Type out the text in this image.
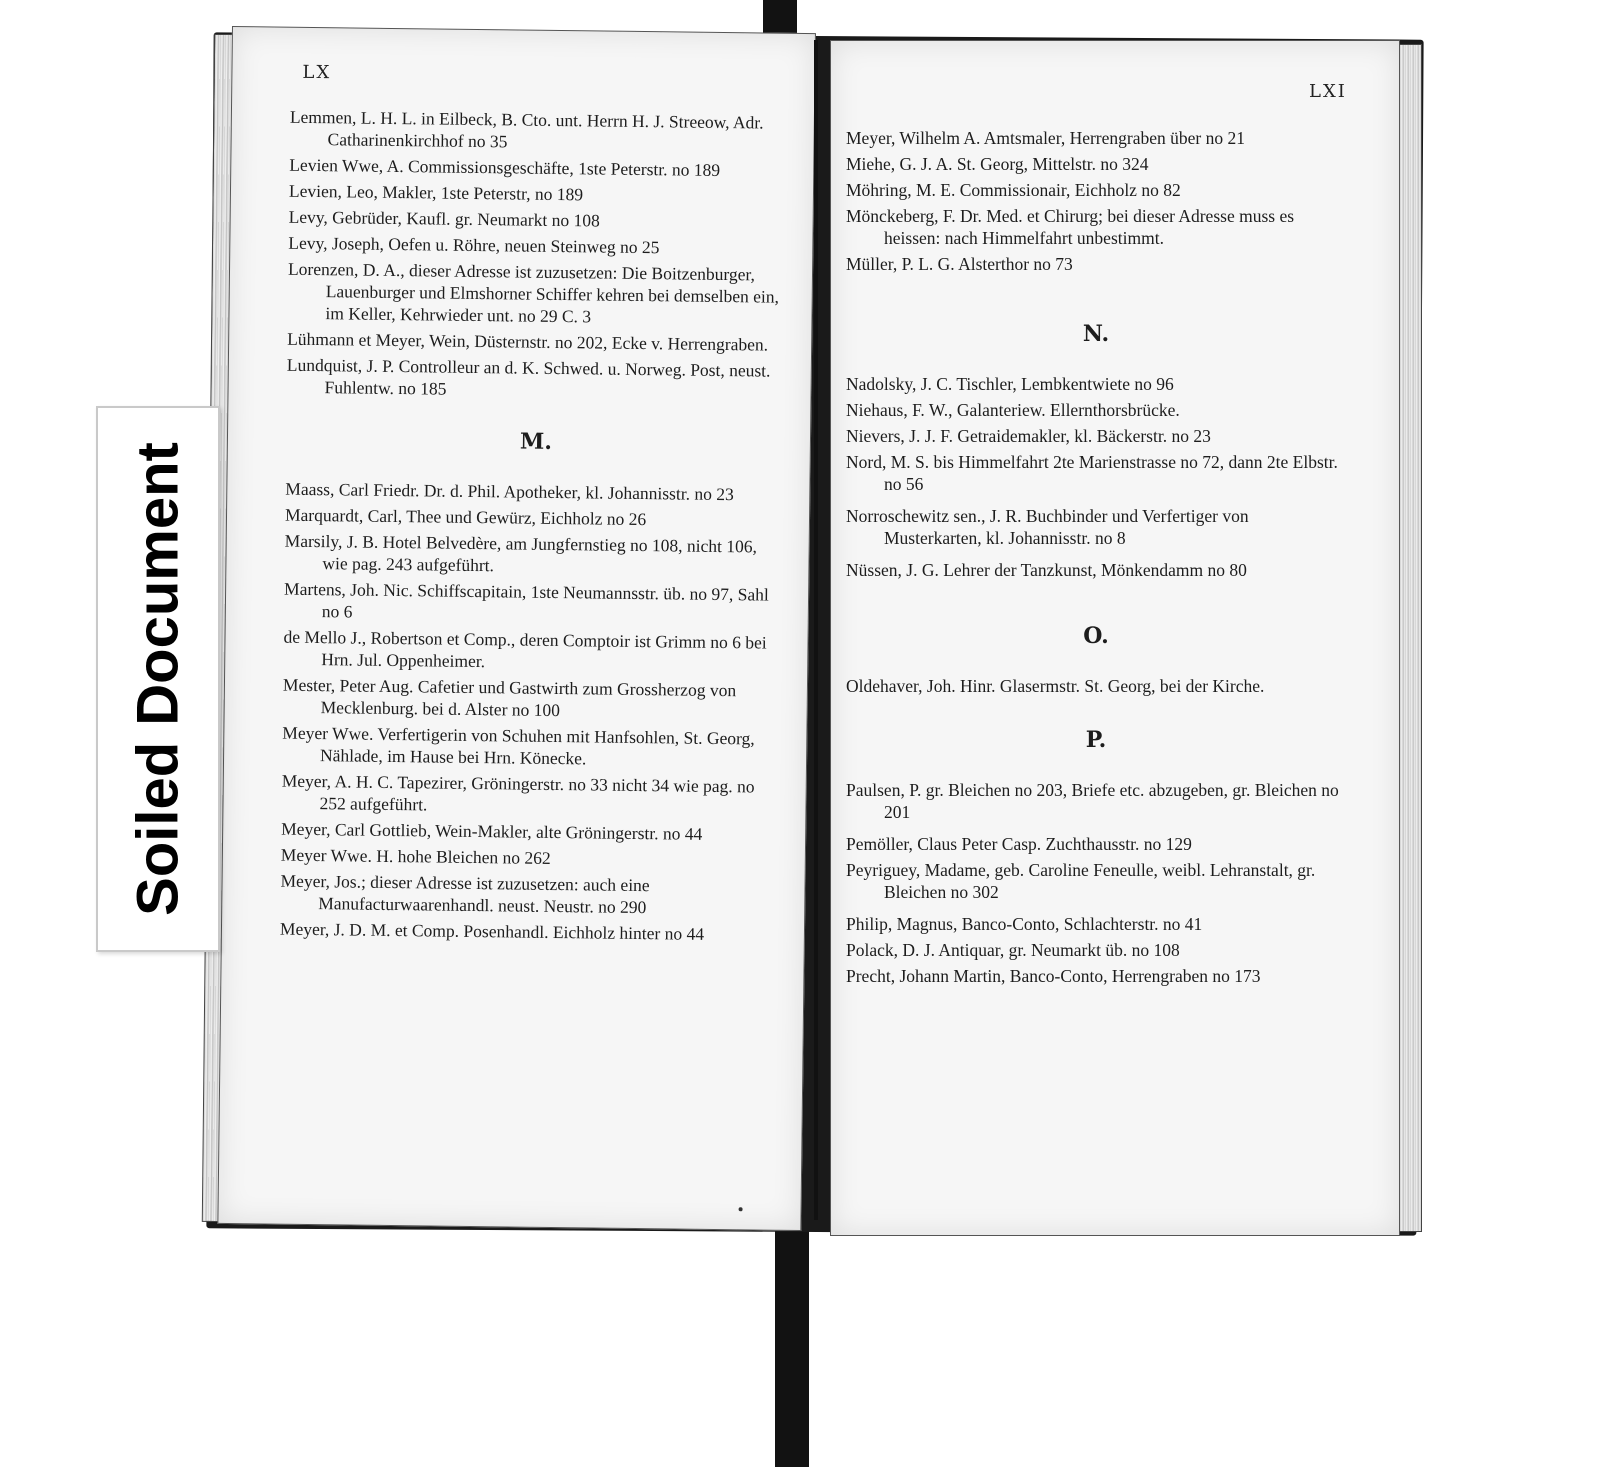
LX
Lemmen, L. H. L. in Eilbeck, B. Cto. unt. Herrn H. J. Streeow, Adr. Catharinenkirchhof no 35
Levien Wwe, A. Commissionsgeschäfte, 1ste Peterstr. no 189
Levien, Leo, Makler, 1ste Peterstr, no 189
Levy, Gebrüder, Kaufl. gr. Neumarkt no 108
Levy, Joseph, Oefen u. Röhre, neuen Steinweg no 25
Lorenzen, D. A., dieser Adresse ist zuzusetzen: Die Boitzenburger, Lauenburger und Elmshorner Schiffer kehren bei demselben ein, im Keller, Kehrwieder unt. no 29 C. 3
Lühmann et Meyer, Wein, Düsternstr. no 202, Ecke v. Herrengraben.
Lundquist, J. P. Controlleur an d. K. Schwed. u. Norweg. Post, neust. Fuhlentw. no 185
M.
Maass, Carl Friedr. Dr. d. Phil. Apotheker, kl. Johannisstr. no 23
Marquardt, Carl, Thee und Gewürz, Eichholz no 26
Marsily, J. B. Hotel Belvedère, am Jungfernstieg no 108, nicht 106, wie pag. 243 aufgeführt.
Martens, Joh. Nic. Schiffscapitain, 1ste Neumannsstr. üb. no 97, Sahl no 6
de Mello J., Robertson et Comp., deren Comptoir ist Grimm no 6 bei Hrn. Jul. Oppenheimer.
Mester, Peter Aug. Cafetier und Gastwirth zum Grossherzog von Mecklenburg. bei d. Alster no 100
Meyer Wwe. Verfertigerin von Schuhen mit Hanfsohlen, St. Georg, Nählade, im Hause bei Hrn. Könecke.
Meyer, A. H. C. Tapezirer, Gröningerstr. no 33 nicht 34 wie pag. no 252 aufgeführt.
Meyer, Carl Gottlieb, Wein-Makler, alte Gröningerstr. no 44
Meyer Wwe. H. hohe Bleichen no 262
Meyer, Jos.; dieser Adresse ist zuzusetzen: auch eine Manufacturwaarenhandl. neust. Neustr. no 290
Meyer, J. D. M. et Comp. Posenhandl. Eichholz hinter no 44
LXI
Meyer, Wilhelm A. Amtsmaler, Herrengraben über no 21
Miehe, G. J. A. St. Georg, Mittelstr. no 324
Möhring, M. E. Commissionair, Eichholz no 82
Mönckeberg, F. Dr. Med. et Chirurg; bei dieser Adresse muss es heissen: nach Himmelfahrt unbestimmt.
Müller, P. L. G. Alsterthor no 73
N.
Nadolsky, J. C. Tischler, Lembkentwiete no 96
Niehaus, F. W., Galanteriew. Ellernthorsbrücke.
Nievers, J. J. F. Getraidemakler, kl. Bäckerstr. no 23
Nord, M. S. bis Himmelfahrt 2te Marienstrasse no 72, dann 2te Elbstr. no 56
Norroschewitz sen., J. R. Buchbinder und Verfertiger von Musterkarten, kl. Johannisstr. no 8
Nüssen, J. G. Lehrer der Tanzkunst, Mönkendamm no 80
O.
Oldehaver, Joh. Hinr. Glasermstr. St. Georg, bei der Kirche.
P.
Paulsen, P. gr. Bleichen no 203, Briefe etc. abzugeben, gr. Bleichen no 201
Pemöller, Claus Peter Casp. Zuchthausstr. no 129
Peyriguey, Madame, geb. Caroline Feneulle, weibl. Lehranstalt, gr. Bleichen no 302
Philip, Magnus, Banco-Conto, Schlachterstr. no 41
Polack, D. J. Antiquar, gr. Neumarkt üb. no 108
Precht, Johann Martin, Banco-Conto, Herrengraben no 173
Soiled Document
